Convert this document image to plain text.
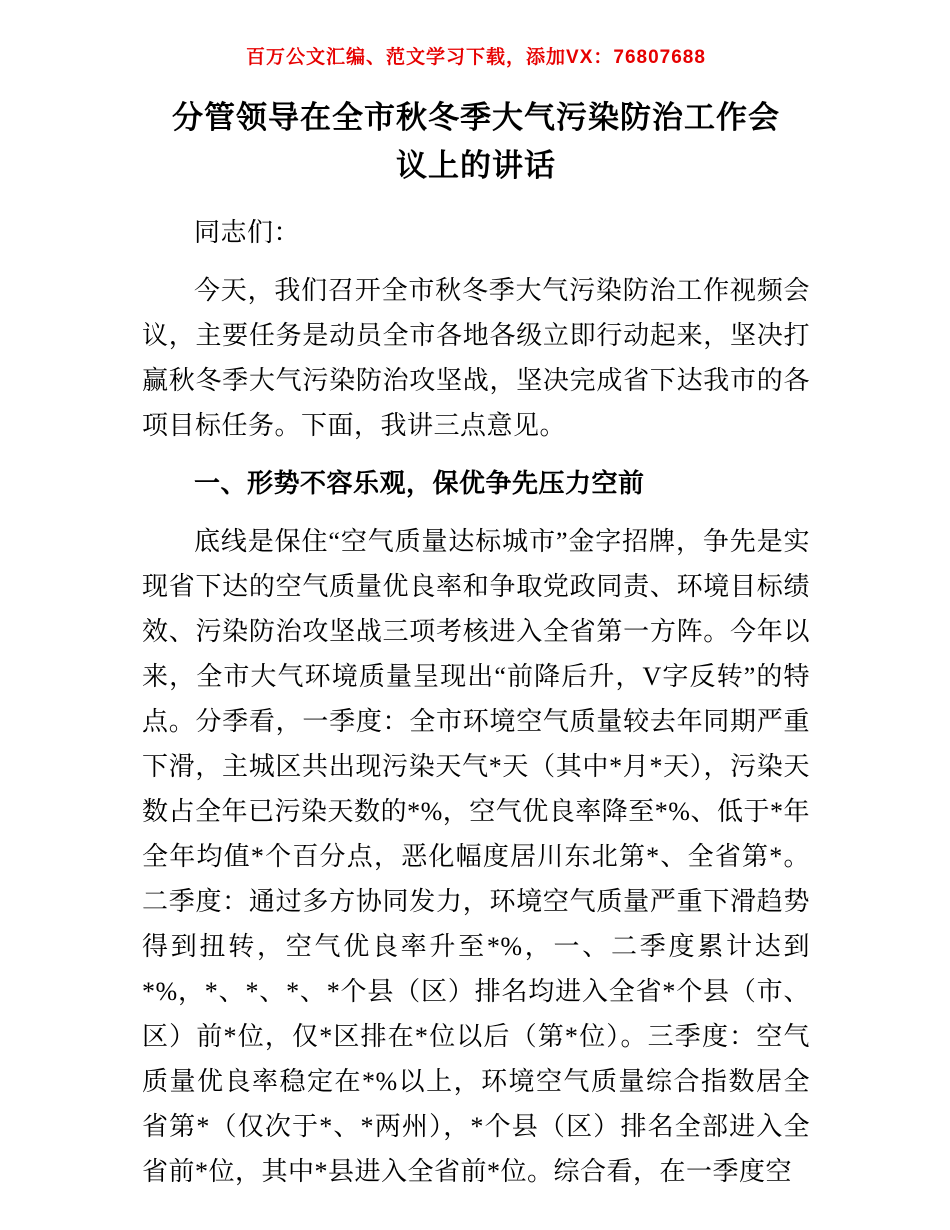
百万公文汇编、范文学习下载，添加VX：76807688
分管领导在全市秋冬季大气污染防治工作会议上的讲话

同志们：

今天，我们召开全市秋冬季大气污染防治工作视频会议，主要任务是动员全市各地各级立即行动起来，坚决打赢秋冬季大气污染防治攻坚战，坚决完成省下达我市的各项目标任务。下面，我讲三点意见。

一、形势不容乐观，保优争先压力空前

底线是保住“空气质量达标城市”金字招牌，争先是实现省下达的空气质量优良率和争取党政同责、环境目标绩效、污染防治攻坚战三项考核进入全省第一方阵。今年以来，全市大气环境质量呈现出“前降后升，V字反转”的特点。分季看，一季度：全市环境空气质量较去年同期严重下滑，主城区共出现污染天气*天（其中*月*天），污染天数占全年已污染天数的*%，空气优良率降至*%、低于*年全年均值*个百分点，恶化幅度居川东北第*、全省第*。二季度：通过多方协同发力，环境空气质量严重下滑趋势得到扭转，空气优良率升至*%，一、二季度累计达到*%，*、*、*、*个县（区）排名均进入全省*个县（市、区）前*位，仅*区排在*位以后（第*位）。三季度：空气质量优良率稳定在*%以上，环境空气质量综合指数居全省第*（仅次于*、*两州），*个县（区）排名全部进入全省前*位，其中*县进入全省前*位。综合看，在一季度空
